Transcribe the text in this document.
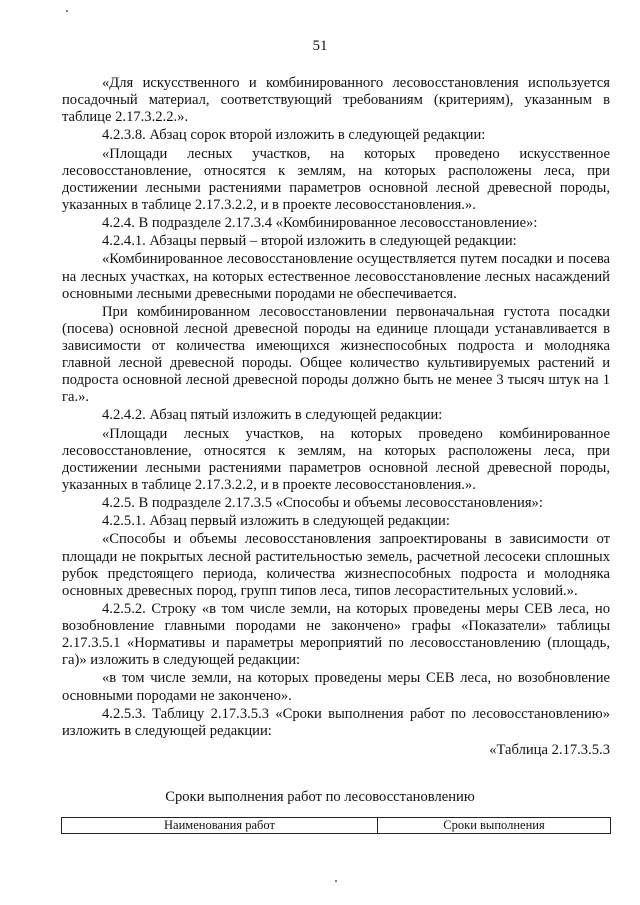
51

«Для искусственного и комбинированного лесовосстановления используется посадочный материал, соответствующий требованиям (критериям), указанным в таблице 2.17.3.2.2.».

4.2.3.8. Абзац сорок второй изложить в следующей редакции:

«Площади лесных участков, на которых проведено искусственное лесовосстановление, относятся к землям, на которых расположены леса, при достижении лесными растениями параметров основной лесной древесной породы, указанных в таблице 2.17.3.2.2, и в проекте лесовосстановления.».

4.2.4. В подразделе 2.17.3.4 «Комбинированное лесовосстановление»:

4.2.4.1. Абзацы первый – второй изложить в следующей редакции:

«Комбинированное лесовосстановление осуществляется путем посадки и посева на лесных участках, на которых естественное лесовосстановление лесных насаждений основными лесными древесными породами не обеспечивается.

При комбинированном лесовосстановлении первоначальная густота посадки (посева) основной лесной древесной породы на единице площади устанавливается в зависимости от количества имеющихся жизнеспособных подроста и молодняка главной лесной древесной породы. Общее количество культивируемых растений и подроста основной лесной древесной породы должно быть не менее 3 тысяч штук на 1 га.».

4.2.4.2. Абзац пятый изложить в следующей редакции:

«Площади лесных участков, на которых проведено комбинированное лесовосстановление, относятся к землям, на которых расположены леса, при достижении лесными растениями параметров основной лесной древесной породы, указанных в таблице 2.17.3.2.2, и в проекте лесовосстановления.».

4.2.5. В подразделе 2.17.3.5 «Способы и объемы лесовосстановления»:

4.2.5.1. Абзац первый изложить в следующей редакции:

«Способы и объемы лесовосстановления запроектированы в зависимости от площади не покрытых лесной растительностью земель, расчетной лесосеки сплошных рубок предстоящего периода, количества жизнеспособных подроста и молодняка основных древесных пород, групп типов леса, типов лесорастительных условий.».

4.2.5.2. Строку «в том числе земли, на которых проведены меры СЕВ леса, но возобновление главными породами не закончено» графы «Показатели» таблицы 2.17.3.5.1 «Нормативы и параметры мероприятий по лесовосстановлению (площадь, га)» изложить в следующей редакции:

«в том числе земли, на которых проведены меры СЕВ леса, но возобновление основными породами не закончено».

4.2.5.3. Таблицу 2.17.3.5.3 «Сроки выполнения работ по лесовосстановлению» изложить в следующей редакции:

«Таблица 2.17.3.5.3

Сроки выполнения работ по лесовосстановлению
Наименования работ	Сроки выполнения
